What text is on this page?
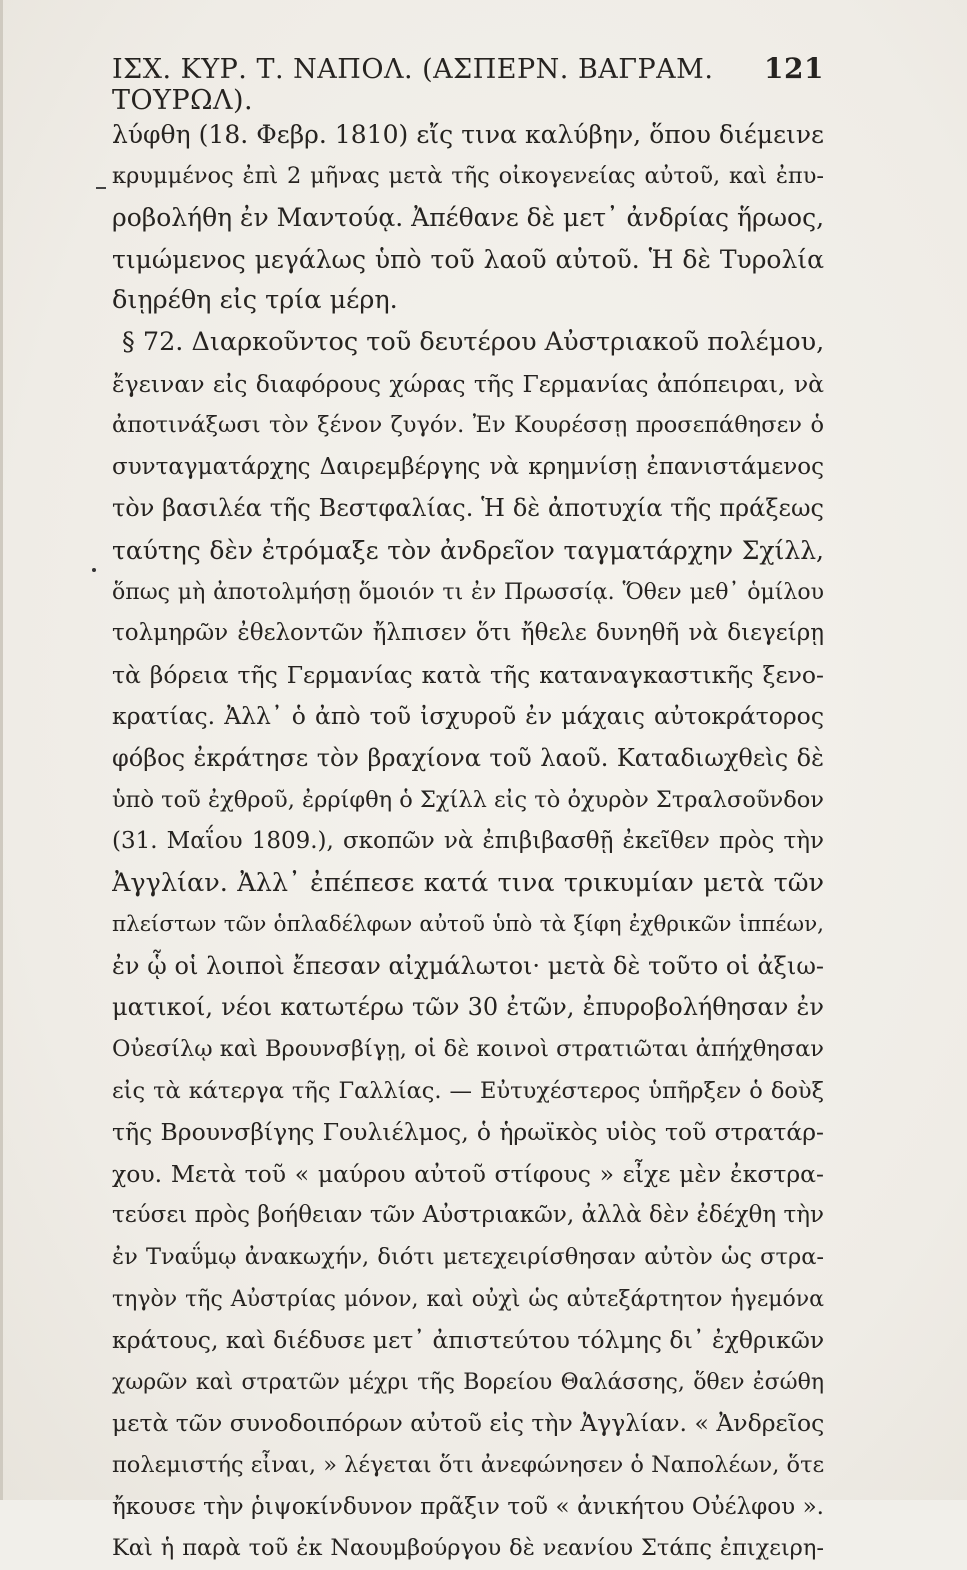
ΙΣΧ. ΚΥΡ. Τ. ΝΑΠΟΛ. (ΑΣΠΕΡΝ. ΒΑΓΡΑΜ. ΤΟΥΡΩΛ).
121
λύφθη (18. Φεβρ. 1810) εἴς τινα καλύβην, ὅπου διέμεινε
κρυμμένος ἐπὶ 2 μῆνας μετὰ τῆς οἰκογενείας αὐτοῦ, καὶ ἐπυ-
ροβολήθη ἐν Μαντούᾳ. Ἀπέθανε δὲ μετ᾽ ἀνδρίας ἥρωος,
τιμώμενος μεγάλως ὑπὸ τοῦ λαοῦ αὐτοῦ. Ἡ δὲ Τυρολία
διῃρέθη εἰς τρία μέρη.
§ 72. Διαρκοῦντος τοῦ δευτέρου Αὐστριακοῦ πολέμου,
ἔγειναν εἰς διαφόρους χώρας τῆς Γερμανίας ἀπόπειραι, νὰ
ἀποτινάξωσι τὸν ξένον ζυγόν. Ἐν Κουρέσσῃ προσεπάθησεν ὁ
συνταγματάρχης Δαιρεμβέργης νὰ κρημνίσῃ ἐπανιστάμενος
τὸν βασιλέα τῆς Βεστφαλίας. Ἡ δὲ ἀποτυχία τῆς πράξεως
ταύτης δὲν ἐτρόμαξε τὸν ἀνδρεῖον ταγματάρχην Σχίλλ,
ὅπως μὴ ἀποτολμήσῃ ὅμοιόν τι ἐν Πρωσσίᾳ. Ὅθεν μεθ᾽ ὁμίλου
τολμηρῶν ἐθελοντῶν ἤλπισεν ὅτι ἤθελε δυνηθῆ νὰ διεγείρῃ
τὰ βόρεια τῆς Γερμανίας κατὰ τῆς καταναγκαστικῆς ξενο-
κρατίας. Ἀλλ᾽ ὁ ἀπὸ τοῦ ἰσχυροῦ ἐν μάχαις αὐτοκράτορος
φόβος ἐκράτησε τὸν βραχίονα τοῦ λαοῦ. Καταδιωχθεὶς δὲ
ὑπὸ τοῦ ἐχθροῦ, ἐρρίφθη ὁ Σχίλλ εἰς τὸ ὀχυρὸν Στραλσοῦνδον
(31. Μαΐου 1809.), σκοπῶν νὰ ἐπιβιβασθῇ ἐκεῖθεν πρὸς τὴν
Ἀγγλίαν. Ἀλλ᾽ ἐπέπεσε κατά τινα τρικυμίαν μετὰ τῶν
πλείστων τῶν ὁπλαδέλφων αὐτοῦ ὑπὸ τὰ ξίφη ἐχθρικῶν ἱππέων,
ἐν ᾧ οἱ λοιποὶ ἔπεσαν αἰχμάλωτοι· μετὰ δὲ τοῦτο οἱ ἀξιω-
ματικοί, νέοι κατωτέρω τῶν 30 ἐτῶν, ἐπυροβολήθησαν ἐν
Οὐεσίλῳ καὶ Βρουνσβίγῃ, οἱ δὲ κοινοὶ στρατιῶται ἀπήχθησαν
εἰς τὰ κάτεργα τῆς Γαλλίας. — Εὐτυχέστερος ὑπῆρξεν ὁ δοὺξ
τῆς Βρουνσβίγης Γουλιέλμος, ὁ ἡρωϊκὸς υἱὸς τοῦ στρατάρ-
χου. Μετὰ τοῦ « μαύρου αὐτοῦ στίφους » εἶχε μὲν ἐκστρα-
τεύσει πρὸς βοήθειαν τῶν Αὐστριακῶν, ἀλλὰ δὲν ἐδέχθη τὴν
ἐν Τναΰμῳ ἀνακωχήν, διότι μετεχειρίσθησαν αὐτὸν ὡς στρα-
τηγὸν τῆς Αὐστρίας μόνον, καὶ οὐχὶ ὡς αὐτεξάρτητον ἡγεμόνα
κράτους, καὶ διέδυσε μετ᾽ ἀπιστεύτου τόλμης δι᾽ ἐχθρικῶν
χωρῶν καὶ στρατῶν μέχρι τῆς Βορείου Θαλάσσης, ὅθεν ἐσώθη
μετὰ τῶν συνοδοιπόρων αὐτοῦ εἰς τὴν Ἀγγλίαν. « Ἀνδρεῖος
πολεμιστής εἶναι, » λέγεται ὅτι ἀνεφώνησεν ὁ Ναπολέων, ὅτε
ἤκουσε τὴν ῥιψοκίνδυνον πρᾶξιν τοῦ « ἀνικήτου Οὐέλφου ».
Καὶ ἡ παρὰ τοῦ ἐκ Ναουμβούργου δὲ νεανίου Στάπς ἐπιχειρη-
